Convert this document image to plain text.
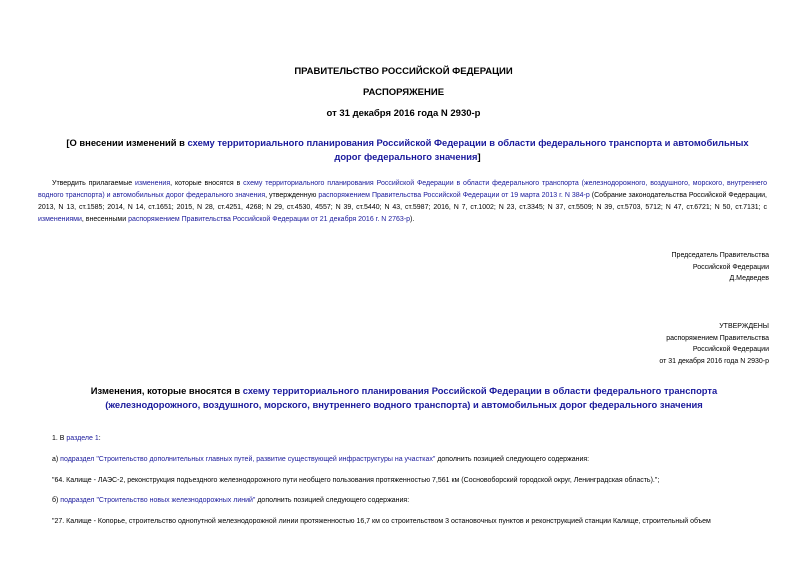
ПРАВИТЕЛЬСТВО РОССИЙСКОЙ ФЕДЕРАЦИИ
РАСПОРЯЖЕНИЕ
от 31 декабря 2016 года N 2930-р
[О внесении изменений в схему территориального планирования Российской Федерации в области федерального транспорта и автомобильных дорог федерального значения]
Утвердить прилагаемые изменения, которые вносятся в схему территориального планирования Российской Федерации в области федерального транспорта (железнодорожного, воздушного, морского, внутреннего водного транспорта) и автомобильных дорог федерального значения, утвержденную распоряжением Правительства Российской Федерации от 19 марта 2013 г. N 384-р (Собрание законодательства Российской Федерации, 2013, N 13, ст.1585; 2014, N 14, ст.1651; 2015, N 28, ст.4251, 4268; N 29, ст.4530, 4557; N 39, ст.5440; N 43, ст.5987; 2016, N 7, ст.1002; N 23, ст.3345; N 37, ст.5509; N 39, ст.5703, 5712; N 47, ст.6721; N 50, ст.7131; с изменениями, внесенными распоряжением Правительства Российской Федерации от 21 декабря 2016 г. N 2763-р).
Председатель Правительства
Российской Федерации
Д.Медведев
УТВЕРЖДЕНЫ
распоряжением Правительства
Российской Федерации
от 31 декабря 2016 года N 2930-р
Изменения, которые вносятся в схему территориального планирования Российской Федерации в области федерального транспорта (железнодорожного, воздушного, морского, внутреннего водного транспорта) и автомобильных дорог федерального значения
1. В разделе 1:
а) подраздел "Строительство дополнительных главных путей, развитие существующей инфраструктуры на участках" дополнить позицией следующего содержания:
"64. Калище - ЛАЭС-2, реконструкция подъездного железнодорожного пути необщего пользования протяженностью 7,561 км (Сосновоборский городской округ, Ленинградская область).";
б) подраздел "Строительство новых железнодорожных линий" дополнить позицией следующего содержания:
"27. Калище - Копорье, строительство однопутной железнодорожной линии протяженностью 16,7 км со строительством 3 остановочных пунктов и реконструкцией станции Калище, строительный объем
